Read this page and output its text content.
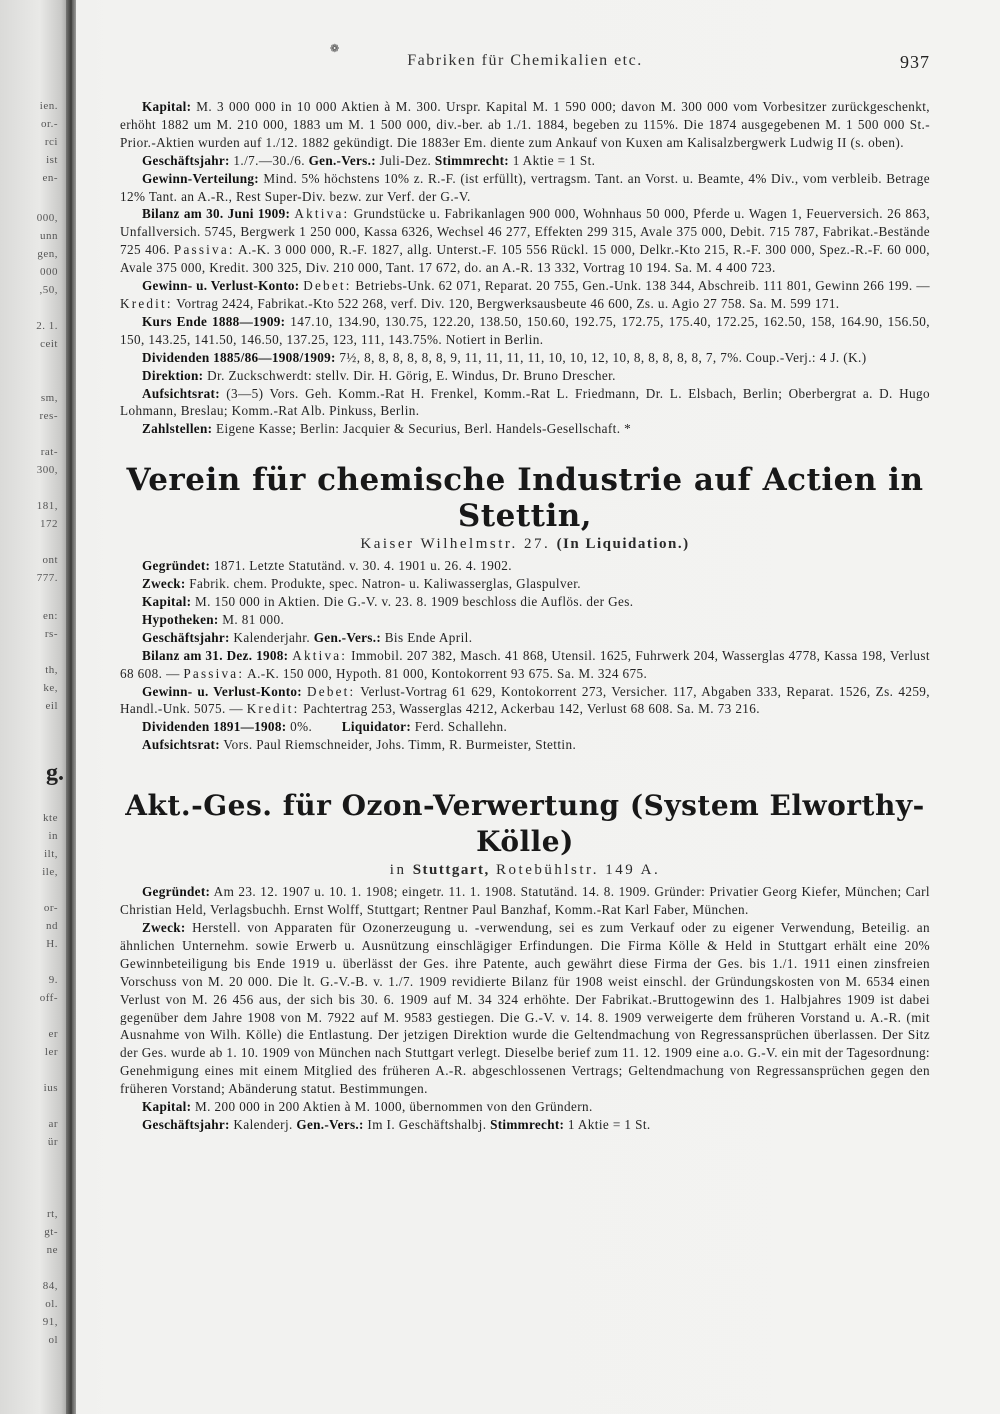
ien.
or.-
rci
ist
en-
000,
unn
gen,
000
,50,
2. 1.
ceit
sm,
res-
rat-
300,
181,
172
ont
777.
en:
rs-
th,
ke,
eil
kte
in
ilt,
ile,
or-
nd
H.
9.
off-
er
ler
ius
ar
ür
rt,
gt-
ne
84,
ol.
91,
ol
g.
❁
Fabriken für Chemikalien etc.	937

Kapital: M. 3 000 000 in 10 000 Aktien à M. 300. Urspr. Kapital M. 1 590 000; davon M. 300 000 vom Vorbesitzer zurückgeschenkt, erhöht 1882 um M. 210 000, 1883 um M. 1 500 000, div.-ber. ab 1./1. 1884, begeben zu 115%. Die 1874 ausgegebenen M. 1 500 000 St.-Prior.-Aktien wurden auf 1./12. 1882 gekündigt. Die 1883er Em. diente zum Ankauf von Kuxen am Kalisalzbergwerk Ludwig II (s. oben).

Geschäftsjahr: 1./7.—30./6. Gen.-Vers.: Juli-Dez. Stimmrecht: 1 Aktie = 1 St.

Gewinn-Verteilung: Mind. 5% höchstens 10% z. R.-F. (ist erfüllt), vertragsm. Tant. an Vorst. u. Beamte, 4% Div., vom verbleib. Betrage 12% Tant. an A.-R., Rest Super-Div. bezw. zur Verf. der G.-V.

Bilanz am 30. Juni 1909: Aktiva: Grundstücke u. Fabrikanlagen 900 000, Wohnhaus 50 000, Pferde u. Wagen 1, Feuerversich. 26 863, Unfallversich. 5745, Bergwerk 1 250 000, Kassa 6326, Wechsel 46 277, Effekten 299 315, Avale 375 000, Debit. 715 787, Fabrikat.-Bestände 725 406. Passiva: A.-K. 3 000 000, R.-F. 1827, allg. Unterst.-F. 105 556 Rückl. 15 000, Delkr.-Kto 215, R.-F. 300 000, Spez.-R.-F. 60 000, Avale 375 000, Kredit. 300 325, Div. 210 000, Tant. 17 672, do. an A.-R. 13 332, Vortrag 10 194. Sa. M. 4 400 723.

Gewinn- u. Verlust-Konto: Debet: Betriebs-Unk. 62 071, Reparat. 20 755, Gen.-Unk. 138 344, Abschreib. 111 801, Gewinn 266 199. — Kredit: Vortrag 2424, Fabrikat.-Kto 522 268, verf. Div. 120, Bergwerksausbeute 46 600, Zs. u. Agio 27 758. Sa. M. 599 171.

Kurs Ende 1888—1909: 147.10, 134.90, 130.75, 122.20, 138.50, 150.60, 192.75, 172.75, 175.40, 172.25, 162.50, 158, 164.90, 156.50, 150, 143.25, 141.50, 146.50, 137.25, 123, 111, 143.75%. Notiert in Berlin.

Dividenden 1885/86—1908/1909: 7½, 8, 8, 8, 8, 8, 8, 9, 11, 11, 11, 11, 10, 10, 12, 10, 8, 8, 8, 8, 8, 7, 7%. Coup.-Verj.: 4 J. (K.)

Direktion: Dr. Zuckschwerdt: stellv. Dir. H. Görig, E. Windus, Dr. Bruno Drescher.

Aufsichtsrat: (3—5) Vors. Geh. Komm.-Rat H. Frenkel, Komm.-Rat L. Friedmann, Dr. L. Elsbach, Berlin; Oberbergrat a. D. Hugo Lohmann, Breslau; Komm.-Rat Alb. Pinkuss, Berlin.

Zahlstellen: Eigene Kasse; Berlin: Jacquier & Securius, Berl. Handels-Gesellschaft. *

Verein für chemische Industrie auf Actien in Stettin,
Kaiser Wilhelmstr. 27. (In Liquidation.)

Gegründet: 1871. Letzte Statutänd. v. 30. 4. 1901 u. 26. 4. 1902.

Zweck: Fabrik. chem. Produkte, spec. Natron- u. Kaliwasserglas, Glaspulver.

Kapital: M. 150 000 in Aktien. Die G.-V. v. 23. 8. 1909 beschloss die Auflös. der Ges.

Hypotheken: M. 81 000.

Geschäftsjahr: Kalenderjahr. Gen.-Vers.: Bis Ende April.

Bilanz am 31. Dez. 1908: Aktiva: Immobil. 207 382, Masch. 41 868, Utensil. 1625, Fuhrwerk 204, Wasserglas 4778, Kassa 198, Verlust 68 608. — Passiva: A.-K. 150 000, Hypoth. 81 000, Kontokorrent 93 675. Sa. M. 324 675.

Gewinn- u. Verlust-Konto: Debet: Verlust-Vortrag 61 629, Kontokorrent 273, Versicher. 117, Abgaben 333, Reparat. 1526, Zs. 4259, Handl.-Unk. 5075. — Kredit: Pachtertrag 253, Wasserglas 4212, Ackerbau 142, Verlust 68 608. Sa. M. 73 216.

Dividenden 1891—1908: 0%. Liquidator: Ferd. Schallehn.

Aufsichtsrat: Vors. Paul Riemschneider, Johs. Timm, R. Burmeister, Stettin.

Akt.-Ges. für Ozon-Verwertung (System Elworthy-Kölle)
in Stuttgart, Rotebühlstr. 149 A.

Gegründet: Am 23. 12. 1907 u. 10. 1. 1908; eingetr. 11. 1. 1908. Statutänd. 14. 8. 1909. Gründer: Privatier Georg Kiefer, München; Carl Christian Held, Verlagsbuchh. Ernst Wolff, Stuttgart; Rentner Paul Banzhaf, Komm.-Rat Karl Faber, München.

Zweck: Herstell. von Apparaten für Ozonerzeugung u. -verwendung, sei es zum Verkauf oder zu eigener Verwendung, Beteilig. an ähnlichen Unternehm. sowie Erwerb u. Ausnützung einschlägiger Erfindungen. Die Firma Kölle & Held in Stuttgart erhält eine 20% Gewinnbeteiligung bis Ende 1919 u. überlässt der Ges. ihre Patente, auch gewährt diese Firma der Ges. bis 1./1. 1911 einen zinsfreien Vorschuss von M. 20 000. Die lt. G.-V.-B. v. 1./7. 1909 revidierte Bilanz für 1908 weist einschl. der Gründungskosten von M. 6534 einen Verlust von M. 26 456 aus, der sich bis 30. 6. 1909 auf M. 34 324 erhöhte. Der Fabrikat.-Bruttogewinn des 1. Halbjahres 1909 ist dabei gegenüber dem Jahre 1908 von M. 7922 auf M. 9583 gestiegen. Die G.-V. v. 14. 8. 1909 verweigerte dem früheren Vorstand u. A.-R. (mit Ausnahme von Wilh. Kölle) die Entlastung. Der jetzigen Direktion wurde die Geltendmachung von Regressansprüchen überlassen. Der Sitz der Ges. wurde ab 1. 10. 1909 von München nach Stuttgart verlegt. Dieselbe berief zum 11. 12. 1909 eine a.o. G.-V. ein mit der Tagesordnung: Genehmigung eines mit einem Mitglied des früheren A.-R. abgeschlossenen Vertrags; Geltendmachung von Regressansprüchen gegen den früheren Vorstand; Abänderung statut. Bestimmungen.

Kapital: M. 200 000 in 200 Aktien à M. 1000, übernommen von den Gründern.

Geschäftsjahr: Kalenderj. Gen.-Vers.: Im I. Geschäftshalbj. Stimmrecht: 1 Aktie = 1 St.
